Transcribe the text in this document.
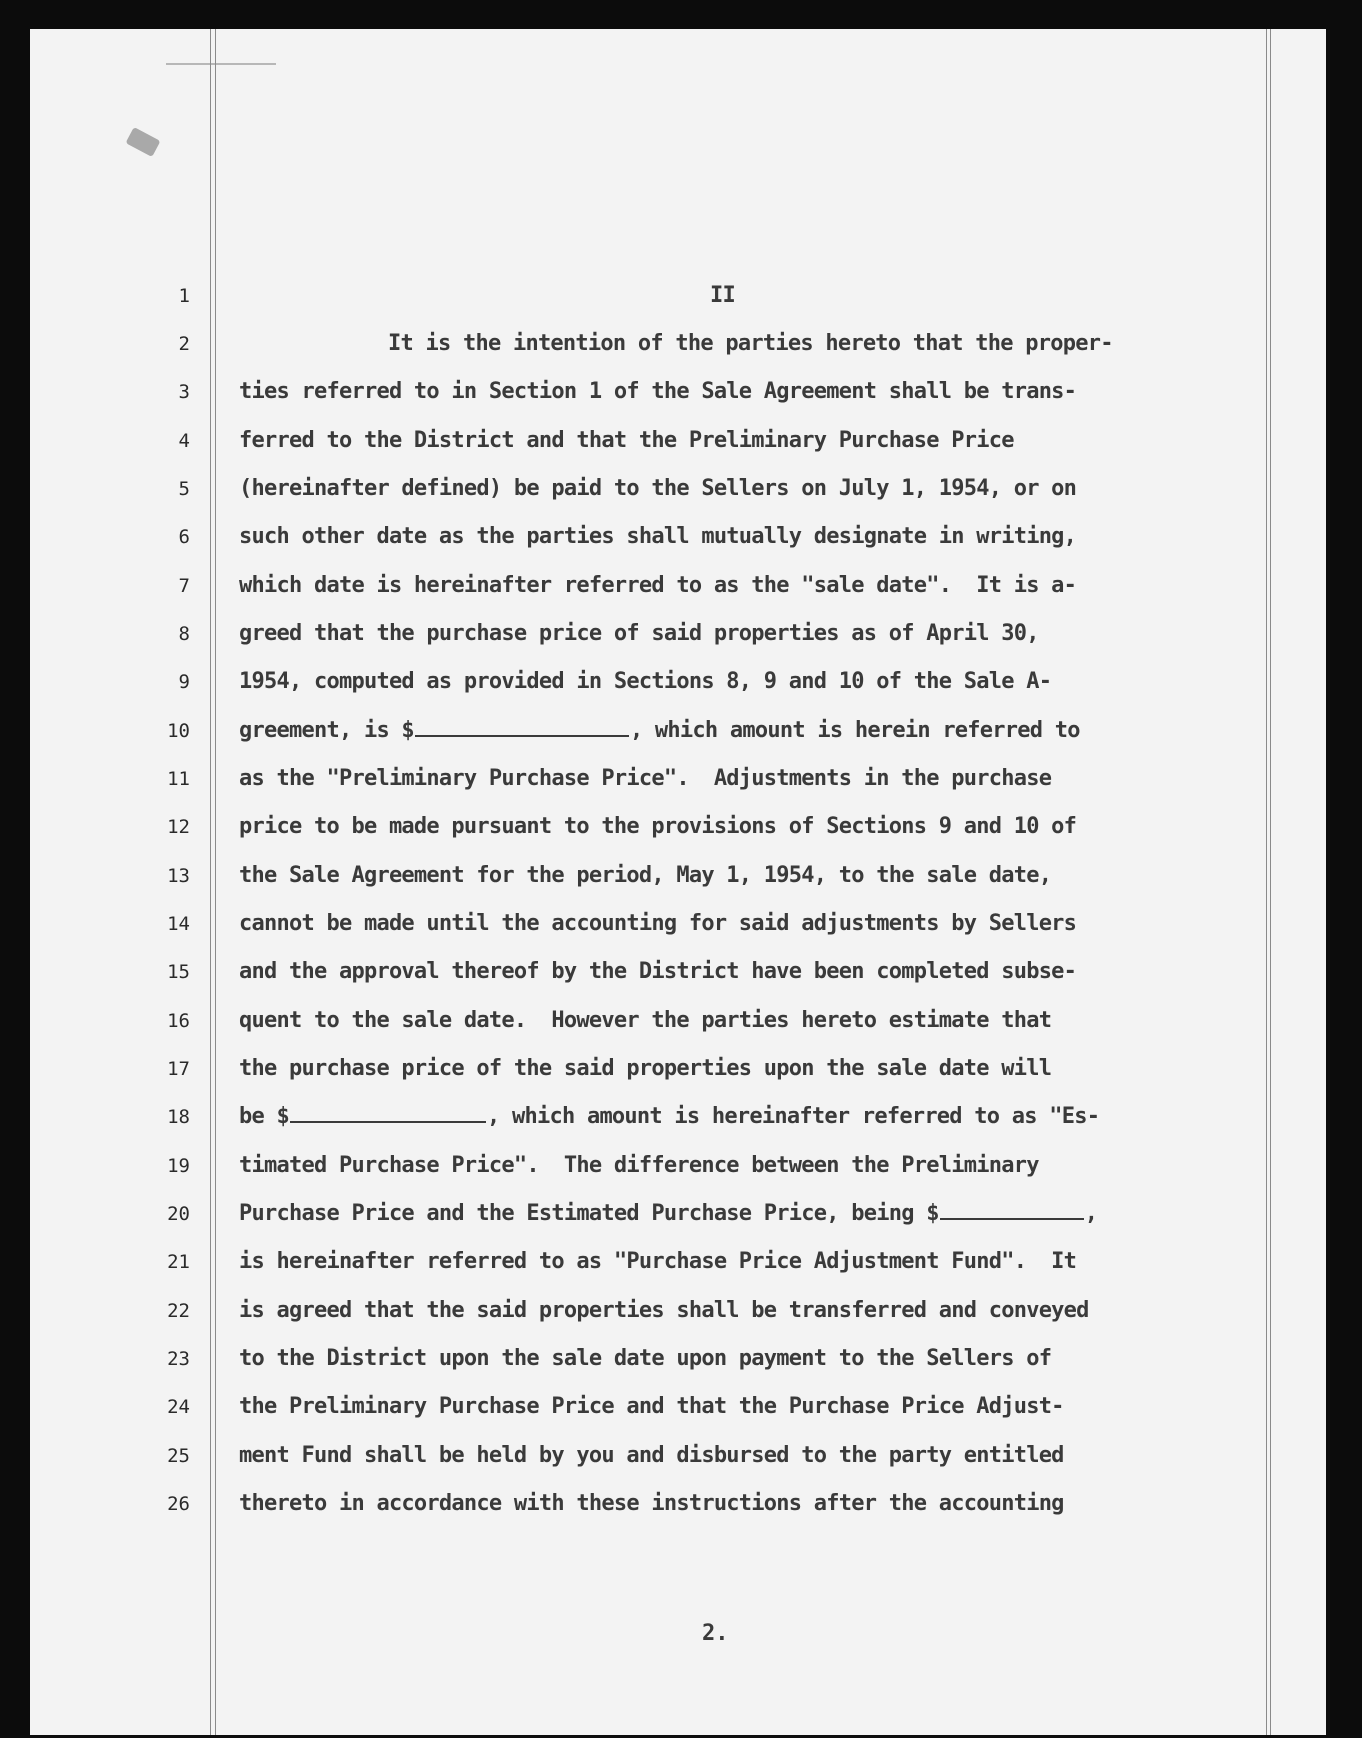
1
2
3
4
5
6
7
8
9
10
11
12
13
14
15
16
17
18
19
20
21
22
23
24
25
26
II
It is the intention of the parties hereto that the proper-
ties referred to in Section 1 of the Sale Agreement shall be trans-
ferred to the District and that the Preliminary Purchase Price
(hereinafter defined) be paid to the Sellers on July 1, 1954, or on
such other date as the parties shall mutually designate in writing,
which date is hereinafter referred to as the "sale date".  It is a-
greed that the purchase price of said properties as of April 30,
1954, computed as provided in Sections 8, 9 and 10 of the Sale A-
greement, is $	, which amount is herein referred to
as the "Preliminary Purchase Price".  Adjustments in the purchase
price to be made pursuant to the provisions of Sections 9 and 10 of
the Sale Agreement for the period, May 1, 1954, to the sale date,
cannot be made until the accounting for said adjustments by Sellers
and the approval thereof by the District have been completed subse-
quent to the sale date.  However the parties hereto estimate that
the purchase price of the said properties upon the sale date will
be $	, which amount is hereinafter referred to as "Es-
timated Purchase Price".  The difference between the Preliminary
Purchase Price and the Estimated Purchase Price, being $	,
is hereinafter referred to as "Purchase Price Adjustment Fund".  It
is agreed that the said properties shall be transferred and conveyed
to the District upon the sale date upon payment to the Sellers of
the Preliminary Purchase Price and that the Purchase Price Adjust-
ment Fund shall be held by you and disbursed to the party entitled
thereto in accordance with these instructions after the accounting
2.
